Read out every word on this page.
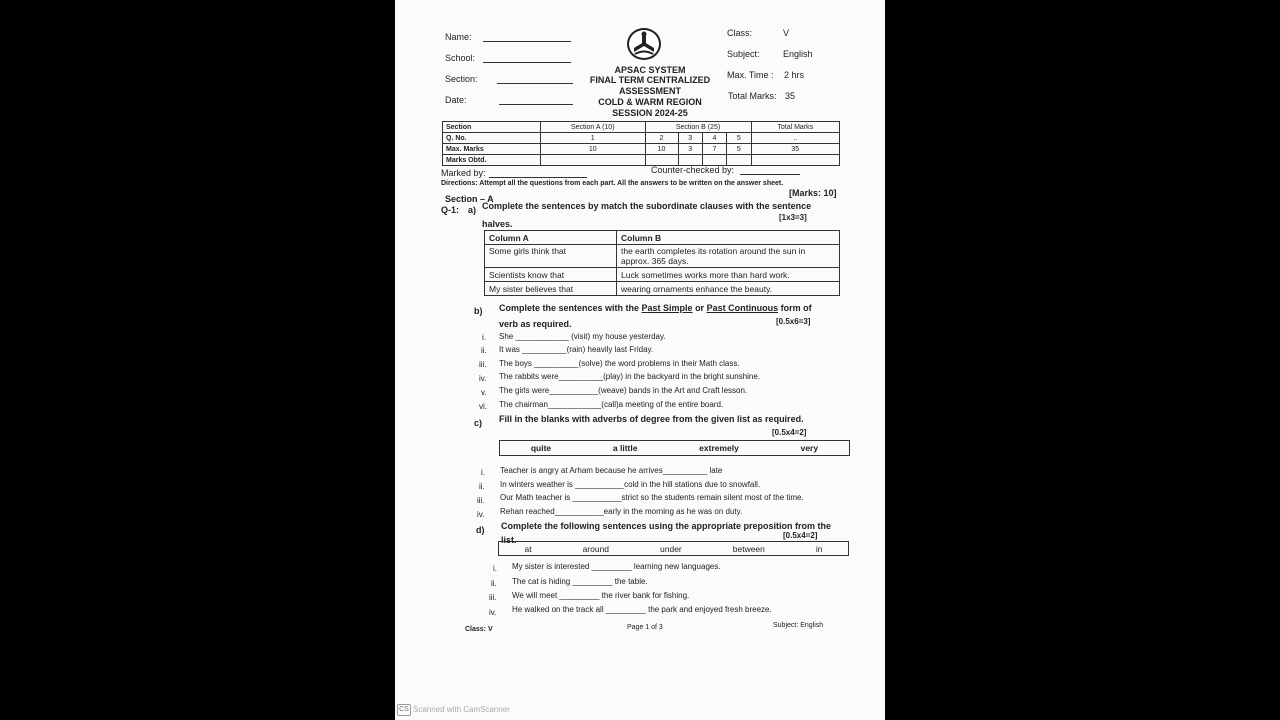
Name:
School:
Section:
Date:
APSAC SYSTEM
FINAL TERM CENTRALIZED
ASSESSMENT
COLD & WARM REGION
SESSION 2024-25
Class:	V
Subject:	English
Max. Time : 2 hrs
Total Marks: 35
Section	Section A (10)	Section B (25)				Total Marks
Q. No.	1	2	3	4	5	..
Max. Marks	10	10	3	7	5	35
Marks Obtd.						
Marked by:	Counter-checked by:
Directions: Attempt all the questions from each part. All the answers to be written on the answer sheet.
[Marks: 10]
Section – A
Q-1: a) Complete the sentences by match the subordinate clauses with the sentence
halves.
[1x3=3]
Column A	Column B
Some girls think that	the earth completes its rotation around the sun in
approx. 365 days.

Scientists know that	Luck sometimes works more than hard work.
My sister believes that	wearing ornaments enhance the beauty.
b) Complete the sentences with the Past Simple or Past Continuous form of
verb as required.	[0.5x6=3]
i. She ____________ (visit) my house yesterday.
ii. It was __________(rain) heavily last Friday.
iii. The boys __________(solve) the word problems in their Math class.
iv. The rabbits were__________(play) in the backyard in the bright sunshine.
v. The girls were___________(weave) bands in the Art and Craft lesson.
vi. The chairman____________(call)a meeting of the entire board.
c) Fill in the blanks with adverbs of degree from the given list as required.
[0.5x4=2]
quite	a little	extremely	very
i. Teacher is angry at Arham because he arrives__________ late
ii. In winters weather is ___________cold in the hill stations due to snowfall.
iii. Our Math teacher is ___________strict so the students remain silent most of the time.
iv. Rehan reached___________early in the morning as he was on duty.
d) Complete the following sentences using the appropriate preposition from the
list.	[0.5x4=2]
at	around	under	between	in
i. My sister is interested _________ learning new languages.
ii. The cat is hiding _________ the table.
iii. We will meet _________ the river bank for fishing.
iv. He walked on the track all _________ the park and enjoyed fresh breeze.
Class: V	Page 1 of 3	Subject: English
CS Scanned with CamScanner
